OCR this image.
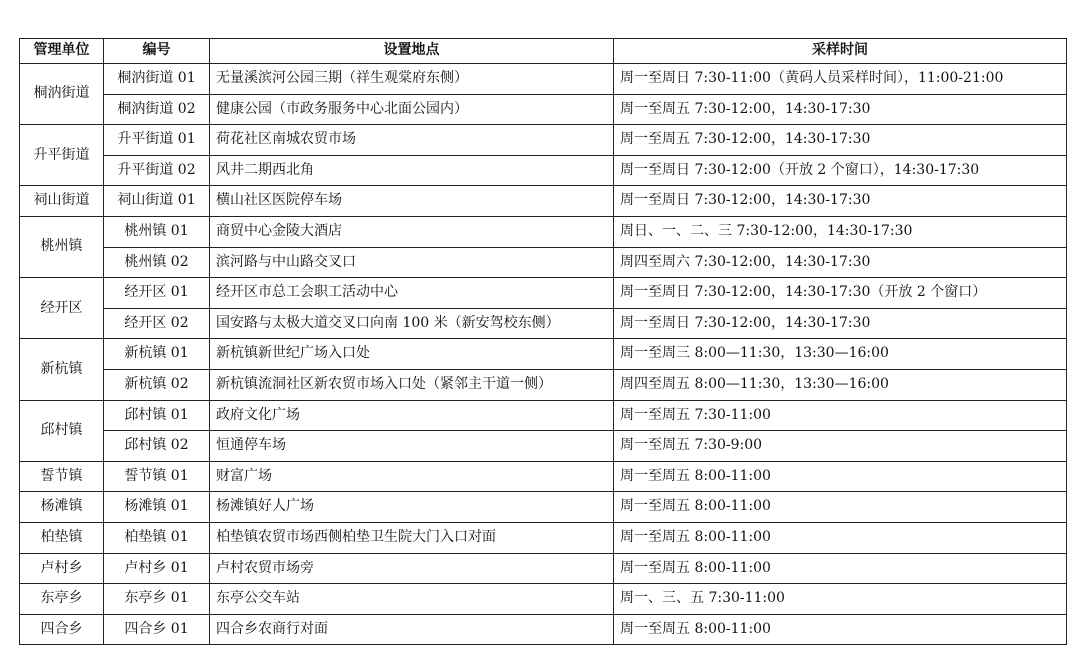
管理单位	编号	设置地点	采样时间
桐汭街道	桐汭街道 01	无量溪滨河公园三期（祥生观棠府东侧）	周一至周日 7:30-11:00（黄码人员采样时间），11:00-21:00
	桐汭街道 02	健康公园（市政务服务中心北面公园内）	周一至周五 7:30-12:00，14:30-17:30
升平街道	升平街道 01	荷花社区南城农贸市场	周一至周五 7:30-12:00，14:30-17:30
	升平街道 02	风井二期西北角	周一至周日 7:30-12:00（开放 2 个窗口），14:30-17:30
祠山街道	祠山街道 01	横山社区医院停车场	周一至周日 7:30-12:00，14:30-17:30
桃州镇	桃州镇 01	商贸中心金陵大酒店	周日、一、二、三 7:30-12:00，14:30-17:30
	桃州镇 02	滨河路与中山路交叉口	周四至周六 7:30-12:00，14:30-17:30
经开区	经开区 01	经开区市总工会职工活动中心	周一至周日 7:30-12:00，14:30-17:30（开放 2 个窗口）
	经开区 02	国安路与太极大道交叉口向南 100 米（新安驾校东侧）	周一至周日 7:30-12:00，14:30-17:30
新杭镇	新杭镇 01	新杭镇新世纪广场入口处	周一至周三 8:00—11:30，13:30—16:00
	新杭镇 02	新杭镇流洞社区新农贸市场入口处（紧邻主干道一侧）	周四至周五 8:00—11:30，13:30—16:00
邱村镇	邱村镇 01	政府文化广场	周一至周五 7:30-11:00
	邱村镇 02	恒通停车场	周一至周五 7:30-9:00
誓节镇	誓节镇 01	财富广场	周一至周五 8:00-11:00
杨滩镇	杨滩镇 01	杨滩镇好人广场	周一至周五 8:00-11:00
柏垫镇	柏垫镇 01	柏垫镇农贸市场西侧柏垫卫生院大门入口对面	周一至周五 8:00-11:00
卢村乡	卢村乡 01	卢村农贸市场旁	周一至周五 8:00-11:00
东亭乡	东亭乡 01	东亭公交车站	周一、三、五 7:30-11:00
四合乡	四合乡 01	四合乡农商行对面	周一至周五 8:00-11:00
